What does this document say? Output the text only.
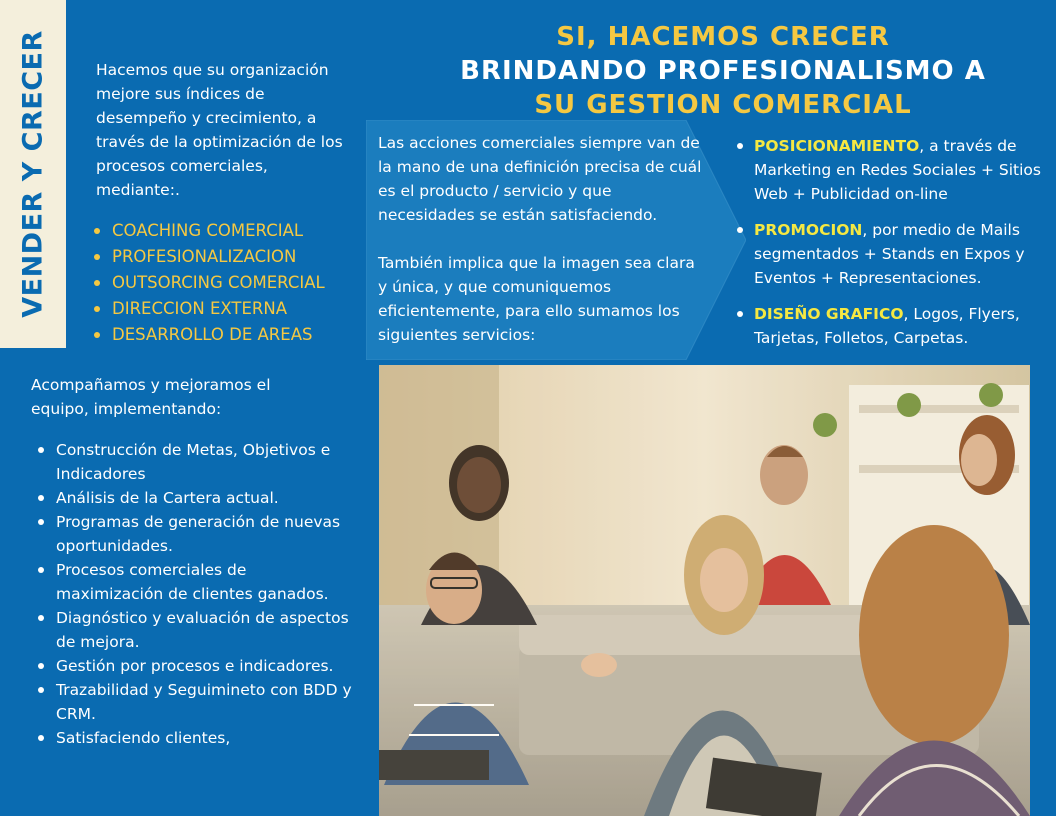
VENDER Y CRECER	Hacemos que su organización mejore sus índices de desempeño y crecimiento, a través de la optimización de los procesos comerciales, mediante:.

COACHING COMERCIAL
PROFESIONALIZACION
OUTSORCING COMERCIAL
DIRECCION EXTERNA
DESARROLLO DE AREAS

Acompañamos y mejoramos el equipo, implementando:

Construcción de Metas, Objetivos e Indicadores
Análisis de la Cartera actual.
Programas de generación de nuevas oportunidades.
Procesos comerciales de maximización de clientes ganados.
Diagnóstico y evaluación de aspectos de mejora.
Gestión por procesos e indicadores.
Trazabilidad y Seguimineto con BDD y CRM.
Satisfaciendo clientes,
SI, HACEMOS CRECER
BRINDANDO PROFESIONALISMO A
SU GESTION COMERCIAL

Las acciones comerciales siempre van de la mano de una definición precisa de cuál es el producto / servicio y que necesidades se están satisfaciendo.

También implica que la imagen sea clara y única, y que comuniquemos eficientemente, para ello sumamos los siguientes servicios:

POSICIONAMIENTO, a través de Marketing en Redes Sociales + Sitios Web + Publicidad on-line
PROMOCION, por medio de Mails segmentados + Stands en Expos y Eventos + Representaciones.
DISEÑO GRAFICO, Logos, Flyers, Tarjetas, Folletos, Carpetas.
